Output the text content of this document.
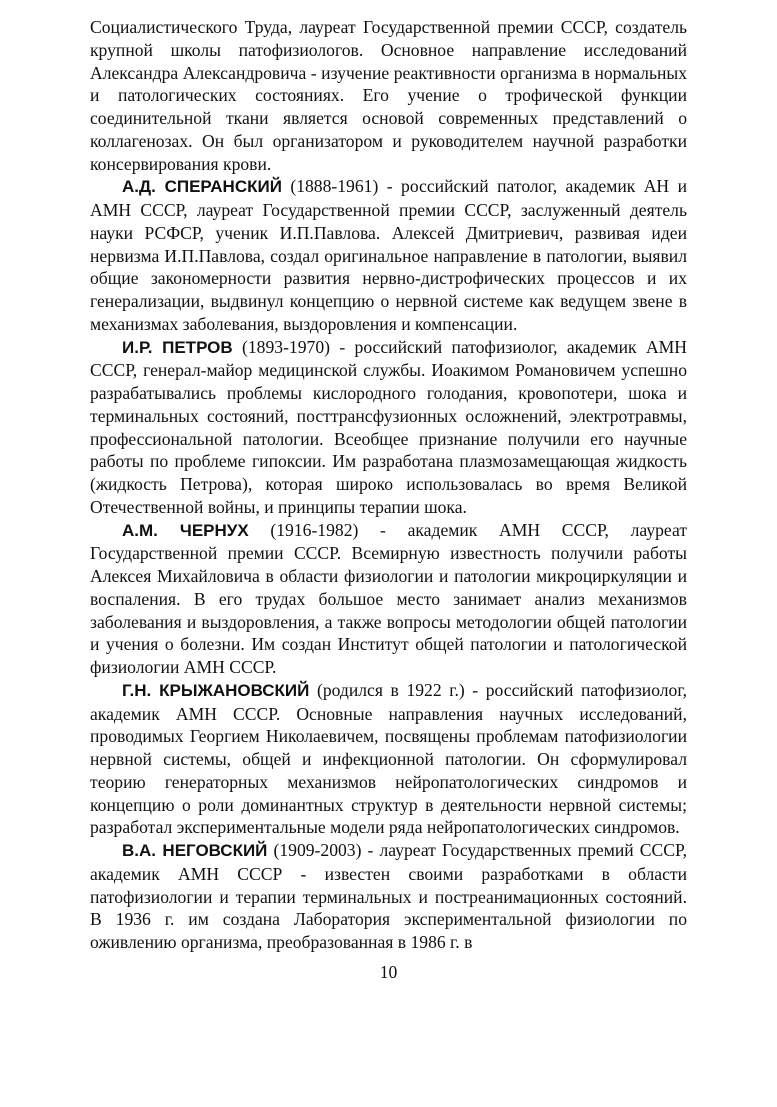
Социалистического Труда, лауреат Государственной премии СССР, создатель крупной школы патофизиологов. Основное направление исследований Александра Александровича - изучение реактивности организма в нормальных и патологических состояниях. Его учение о трофической функции соединительной ткани является основой современных представлений о коллагенозах. Он был организатором и руководителем научной разработки консервирования крови.

А.Д. СПЕРАНСКИЙ (1888-1961) - российский патолог, академик АН и АМН СССР, лауреат Государственной премии СССР, заслуженный деятель науки РСФСР, ученик И.П.Павлова. Алексей Дмитриевич, развивая идеи нервизма И.П.Павлова, создал оригинальное направление в патологии, выявил общие закономерности развития нервно-дистрофических процессов и их генерализации, выдвинул концепцию о нервной системе как ведущем звене в механизмах заболевания, выздоровления и компенсации.

И.Р. ПЕТРОВ (1893-1970) - российский патофизиолог, академик АМН СССР, генерал-майор медицинской службы. Иоакимом Романовичем успешно разрабатывались проблемы кислородного голодания, кровопотери, шока и терминальных состояний, посттрансфузионных осложнений, электротравмы, профессиональной патологии. Всеобщее признание получили его научные работы по проблеме гипоксии. Им разработана плазмозамещающая жидкость (жидкость Петрова), которая широко использовалась во время Великой Отечественной войны, и принципы терапии шока.

А.М. ЧЕРНУХ (1916-1982) - академик АМН СССР, лауреат Государственной премии СССР. Всемирную известность получили работы Алексея Михайловича в области физиологии и патологии микроциркуляции и воспаления. В его трудах большое место занимает анализ механизмов заболевания и выздоровления, а также вопросы методологии общей патологии и учения о болезни. Им создан Институт общей патологии и патологической физиологии АМН СССР.

Г.Н. КРЫЖАНОВСКИЙ (родился в 1922 г.) - российский патофизиолог, академик АМН СССР. Основные направления научных исследований, проводимых Георгием Николаевичем, посвящены проблемам патофизиологии нервной системы, общей и инфекционной патологии. Он сформулировал теорию генераторных механизмов нейропатологических синдромов и концепцию о роли доминантных структур в деятельности нервной системы; разработал экспериментальные модели ряда нейропатологических синдромов.

В.А. НЕГОВСКИЙ (1909-2003) - лауреат Государственных премий СССР, академик АМН СССР - известен своими разработками в области патофизиологии и терапии терминальных и постреанимационных состояний. В 1936 г. им создана Лаборатория экспериментальной физиологии по оживлению организма, преобразованная в 1986 г. в

10
